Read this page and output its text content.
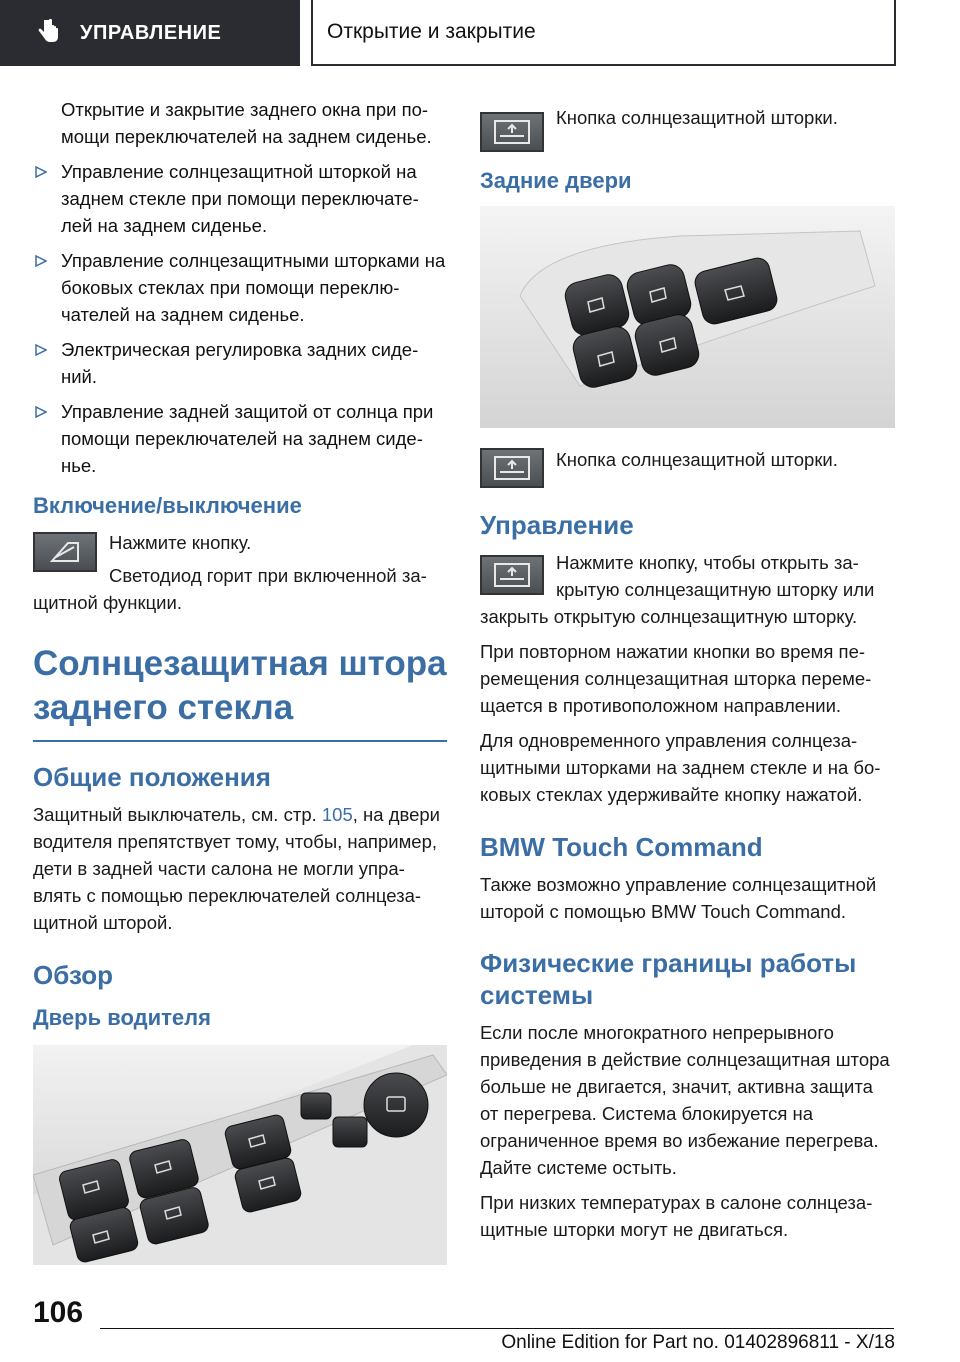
УПРАВЛЕНИЕ	Открытие и закрытие
Открытие и закрытие заднего окна при по-мощи переключателей на заднем сиденье.
Управление солнцезащитной шторкой на заднем стекле при помощи переключате-лей на заднем сиденье.
Управление солнцезащитными шторками на боковых стеклах при помощи переклю-чателей на заднем сиденье.
Электрическая регулировка задних сиде-ний.
Управление задней защитой от солнца при помощи переключателей на заднем сиде-нье.
Включение/выключение

Нажмите кнопку.

Светодиод горит при включенной за-щитной функции.

Солнцезащитная штора заднего стекла
Общие положения

Защитный выключатель, см. стр. 105, на двери водителя препятствует тому, чтобы, например, дети в задней части салона не могли упра-влять с помощью переключателей солнцеза-щитной шторой.

Обзор
Дверь водителя

Кнопка солнцезащитной шторки.

Задние двери

Кнопка солнцезащитной шторки.

Управление

Нажмите кнопку, чтобы открыть за-крытую солнцезащитную шторку или закрыть открытую солнцезащитную шторку.

При повторном нажатии кнопки во время пе-ремещения солнцезащитная шторка переме-щается в противоположном направлении.

Для одновременного управления солнцеза-щитными шторками на заднем стекле и на бо-ковых стеклах удерживайте кнопку нажатой.

BMW Touch Command

Также возможно управление солнцезащитной шторой с помощью BMW Touch Command.

Физические границы работы системы

Если после многократного непрерывного приведения в действие солнцезащитная штора больше не двигается, значит, активна защита от перегрева. Система блокируется на ограниченное время во избежание перегрева. Дайте системе остыть.

При низких температурах в салоне солнцеза-щитные шторки могут не двигаться.

106
Online Edition for Part no. 01402896811 - X/18
